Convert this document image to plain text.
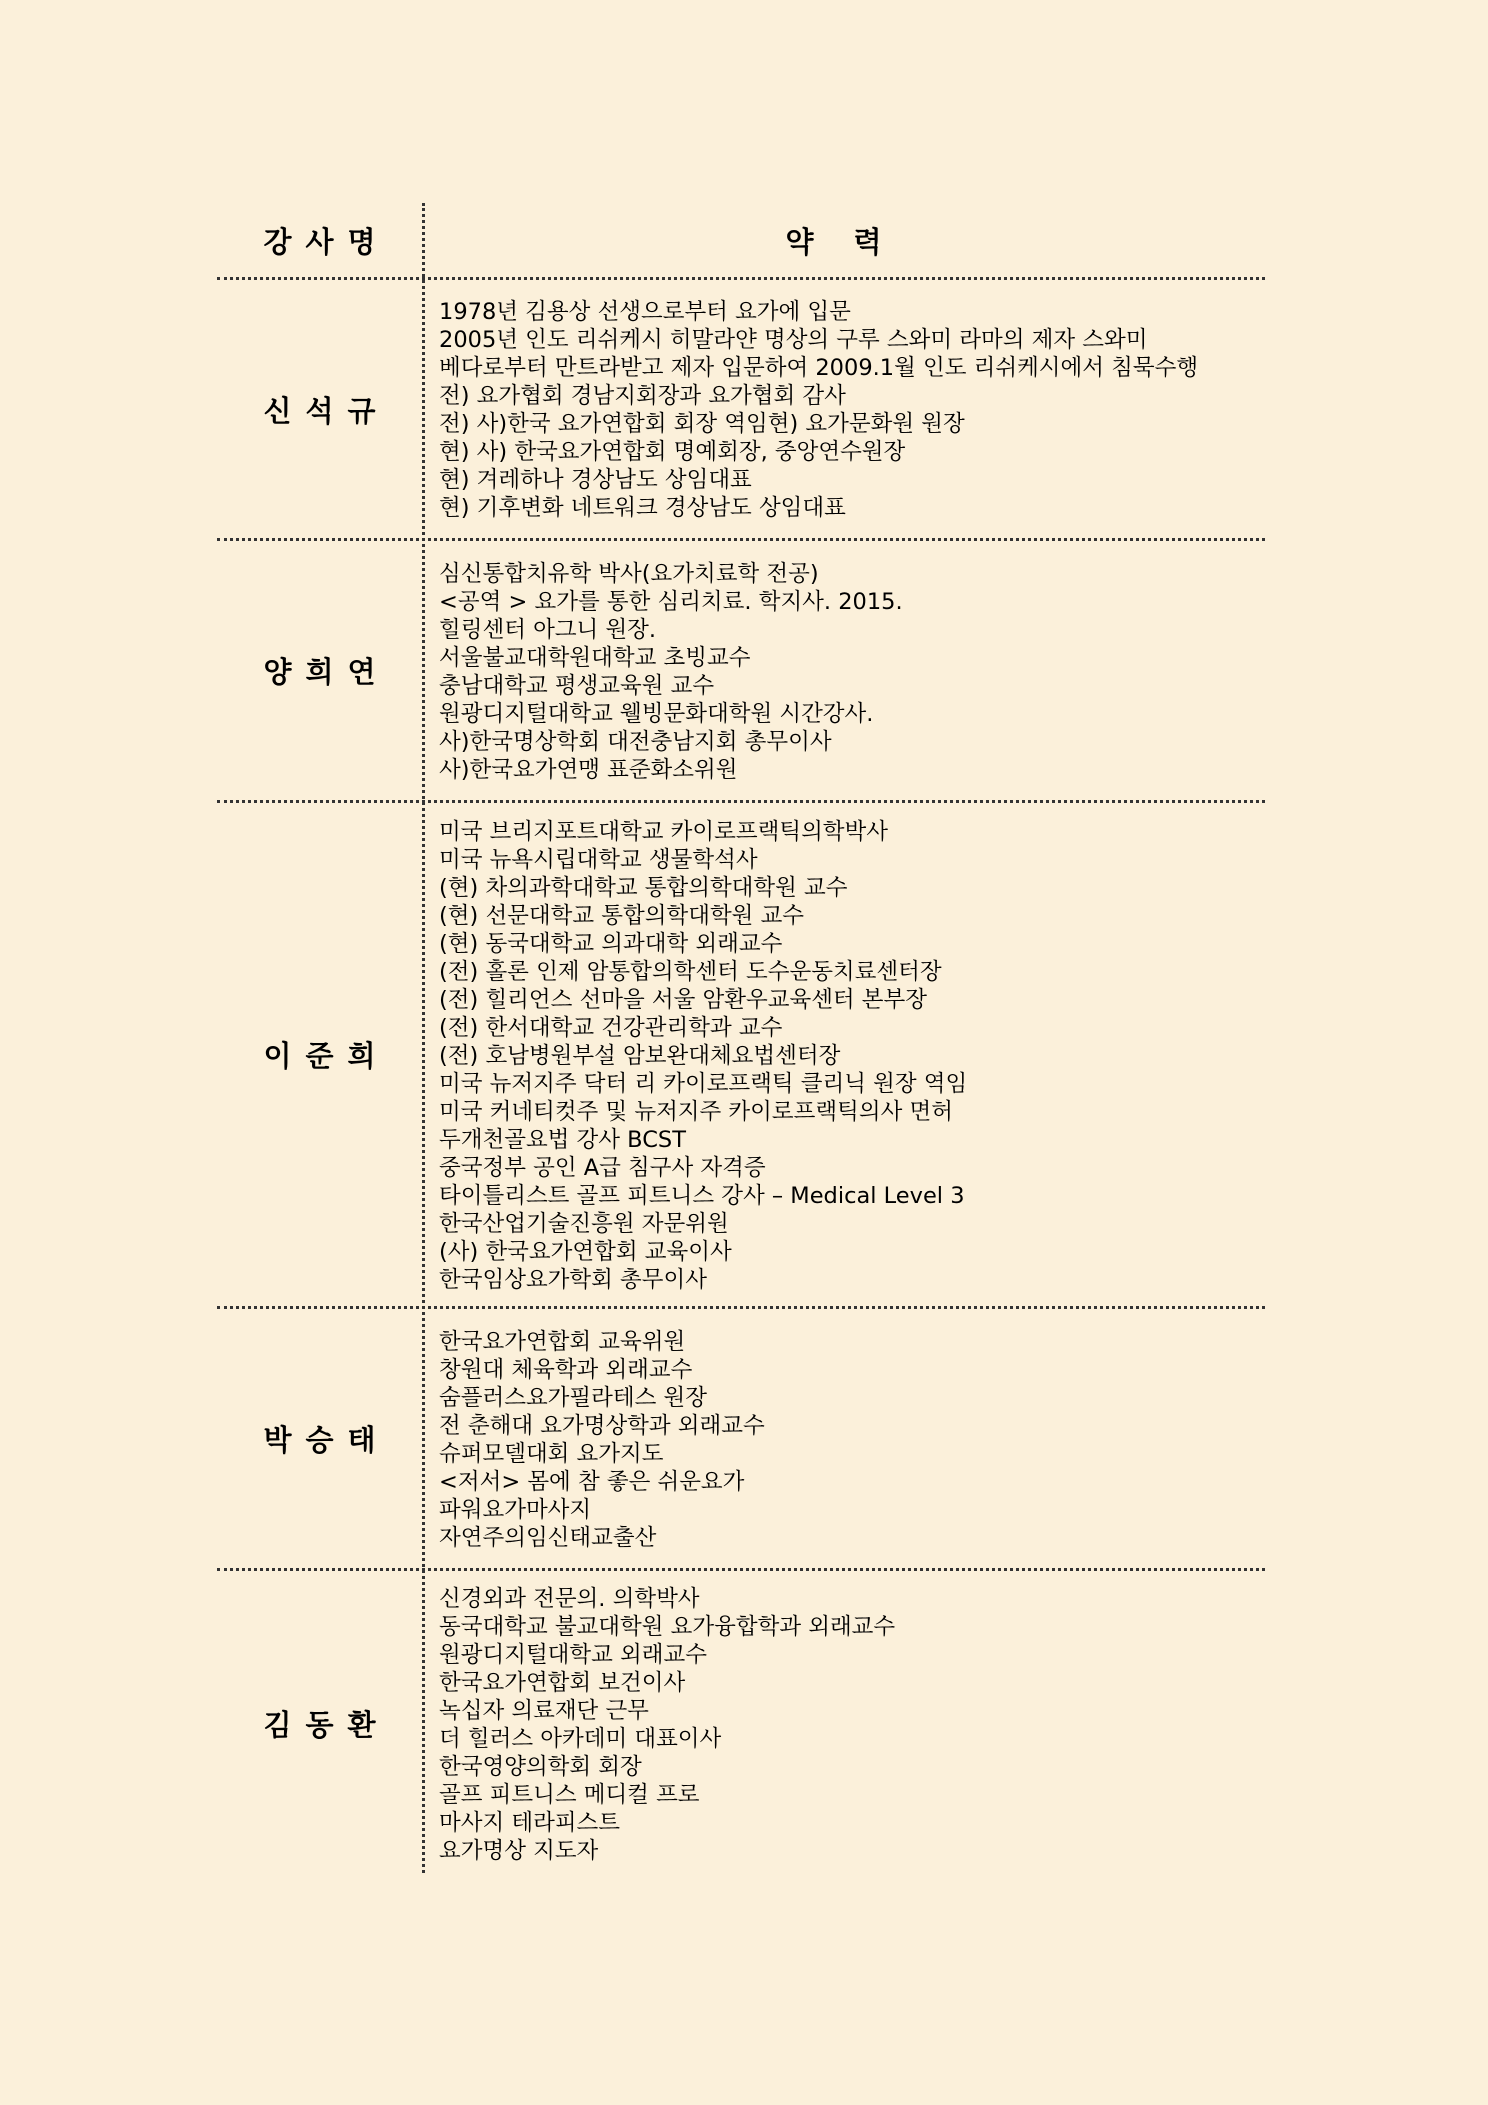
강사명	약력
신석규
1978년 김용상 선생으로부터 요가에 입문
2005년 인도 리쉬케시 히말라얀 명상의 구루 스와미 라마의 제자 스와미
베다로부터 만트라받고 제자 입문하여 2009.1월 인도 리쉬케시에서 침묵수행
전) 요가협회 경남지회장과 요가협회 감사
전) 사)한국 요가연합회 회장 역임현) 요가문화원 원장
현) 사) 한국요가연합회 명예회장, 중앙연수원장
현) 겨레하나 경상남도 상임대표
현) 기후변화 네트워크 경상남도 상임대표
양희연
심신통합치유학 박사(요가치료학 전공)
<공역 > 요가를 통한 심리치료. 학지사. 2015.
힐링센터 아그니 원장.
서울불교대학원대학교 초빙교수
충남대학교 평생교육원 교수
원광디지털대학교 웰빙문화대학원 시간강사.
사)한국명상학회 대전충남지회 총무이사
사)한국요가연맹 표준화소위원
이준희
미국 브리지포트대학교 카이로프랙틱의학박사
미국 뉴욕시립대학교 생물학석사
(현) 차의과학대학교 통합의학대학원 교수
(현) 선문대학교 통합의학대학원 교수
(현) 동국대학교 의과대학 외래교수
(전) 홀론 인제 암통합의학센터 도수운동치료센터장
(전) 힐리언스 선마을 서울 암환우교육센터 본부장
(전) 한서대학교 건강관리학과 교수
(전) 호남병원부설 암보완대체요법센터장
미국 뉴저지주 닥터 리 카이로프랙틱 클리닉 원장 역임
미국 커네티컷주 및 뉴저지주 카이로프랙틱의사 면허
두개천골요법 강사 BCST
중국정부 공인 A급 침구사 자격증
타이틀리스트 골프 피트니스 강사 – Medical Level 3
한국산업기술진흥원 자문위원
(사) 한국요가연합회 교육이사
한국임상요가학회 총무이사
박승태
한국요가연합회 교육위원
창원대 체육학과 외래교수
숨플러스요가필라테스 원장
전 춘해대 요가명상학과 외래교수
슈퍼모델대회 요가지도
<저서> 몸에 참 좋은 쉬운요가
파워요가마사지
자연주의임신태교출산
김동환
신경외과 전문의. 의학박사
동국대학교 불교대학원 요가융합학과 외래교수
원광디지털대학교 외래교수
한국요가연합회 보건이사
녹십자 의료재단 근무
더 힐러스 아카데미 대표이사
한국영양의학회 회장
골프 피트니스 메디컬 프로
마사지 테라피스트
요가명상 지도자
